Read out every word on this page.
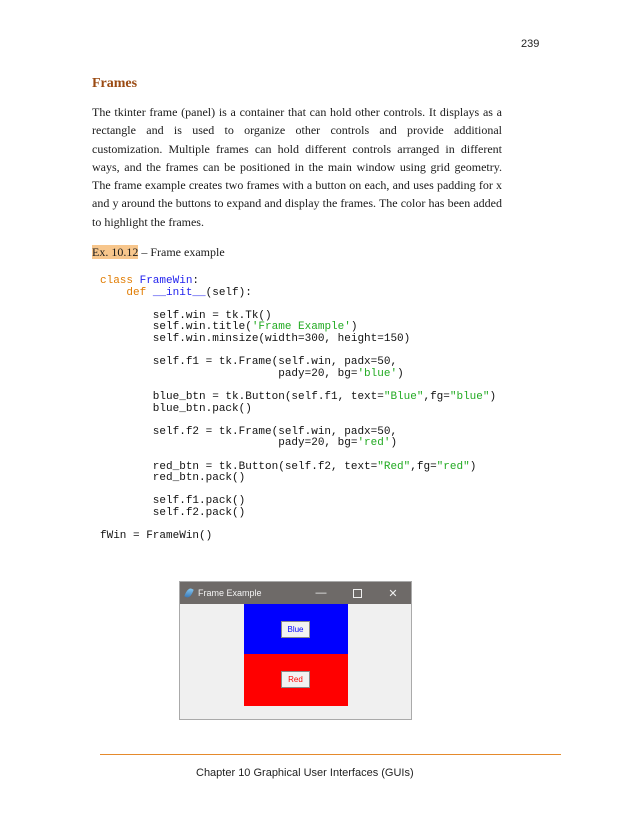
239
Frames

The tkinter frame (panel) is a container that can hold other controls. It displays as a rectangle and is used to organize other controls and provide additional customization. Multiple frames can hold different controls arranged in different ways, and the frames can be positioned in the main window using grid geometry. The frame example creates two frames with a button on each, and uses padding for x and y around the buttons to expand and display the frames. The color has been added to highlight the frames.

Ex. 10.12 – Frame example
class FrameWin:
def __init__(self):

self.win = tk.Tk()
self.win.title('Frame Example')
self.win.minsize(width=300, height=150)

self.f1 = tk.Frame(self.win, padx=50,
pady=20, bg='blue')

blue_btn = tk.Button(self.f1, text="Blue",fg="blue")
blue_btn.pack()

self.f2 = tk.Frame(self.win, padx=50,
pady=20, bg='red')

red_btn = tk.Button(self.f2, text="Red",fg="red")
red_btn.pack()

self.f1.pack()
self.f2.pack()

fWin = FrameWin()
Frame Example	—	✕
Blue
Red
Chapter 10 Graphical User Interfaces (GUIs)
